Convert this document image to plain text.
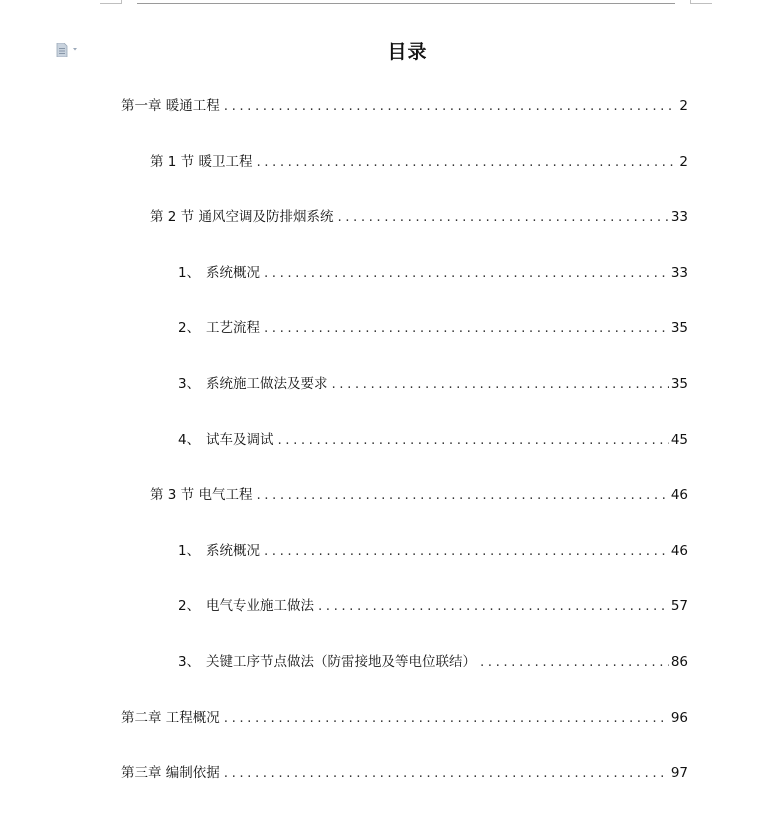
目录
第一章 暖通工程 .....	2
第 1 节 暖卫工程 .....	2
第 2 节 通风空调及防排烟系统 .....	33
1、 系统概况 .....	33
2、 工艺流程 .....	35
3、 系统施工做法及要求 .....	35
4、 试车及调试 .....	45
第 3 节 电气工程 .....	46
1、 系统概况 .....	46
2、 电气专业施工做法 .....	57
3、 关键工序节点做法（防雷接地及等电位联结） .....	86
第二章 工程概况 .....	96
第三章 编制依据 .....	97
